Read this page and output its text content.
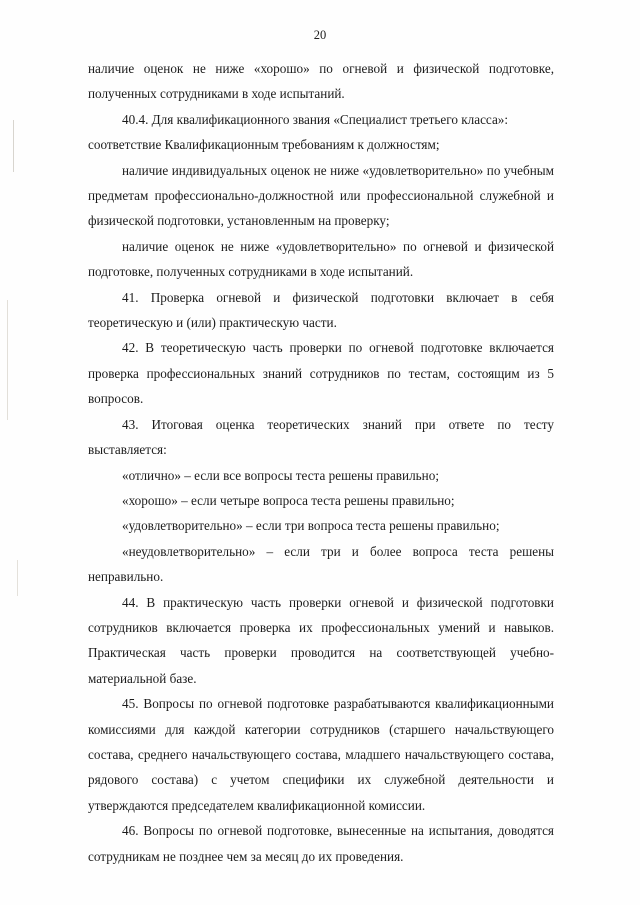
20

наличие оценок не ниже «хорошо» по огневой и физической подготовке, полученных сотрудниками в ходе испытаний.

40.4. Для квалификационного звания «Специалист третьего класса»:

соответствие Квалификационным требованиям к должностям;

наличие индивидуальных оценок не ниже «удовлетворительно» по учебным предметам профессионально-должностной или профессиональной служебной и физической подготовки, установленным на проверку;

наличие оценок не ниже «удовлетворительно» по огневой и физической подготовке, полученных сотрудниками в ходе испытаний.

41. Проверка огневой и физической подготовки включает в себя теоретическую и (или) практическую части.

42. В теоретическую часть проверки по огневой подготовке включается проверка профессиональных знаний сотрудников по тестам, состоящим из 5 вопросов.

43. Итоговая оценка теоретических знаний при ответе по тесту выставляется:

«отлично» – если все вопросы теста решены правильно;

«хорошо» – если четыре вопроса теста решены правильно;

«удовлетворительно» – если три вопроса теста решены правильно;

«неудовлетворительно» – если три и более вопроса теста решены неправильно.

44. В практическую часть проверки огневой и физической подготовки сотрудников включается проверка их профессиональных умений и навыков. Практическая часть проверки проводится на соответствующей учебно-материальной базе.

45. Вопросы по огневой подготовке разрабатываются квалификационными комиссиями для каждой категории сотрудников (старшего начальствующего состава, среднего начальствующего состава, младшего начальствующего состава, рядового состава) с учетом специфики их служебной деятельности и утверждаются председателем квалификационной комиссии.

46. Вопросы по огневой подготовке, вынесенные на испытания, доводятся сотрудникам не позднее чем за месяц до их проведения.
